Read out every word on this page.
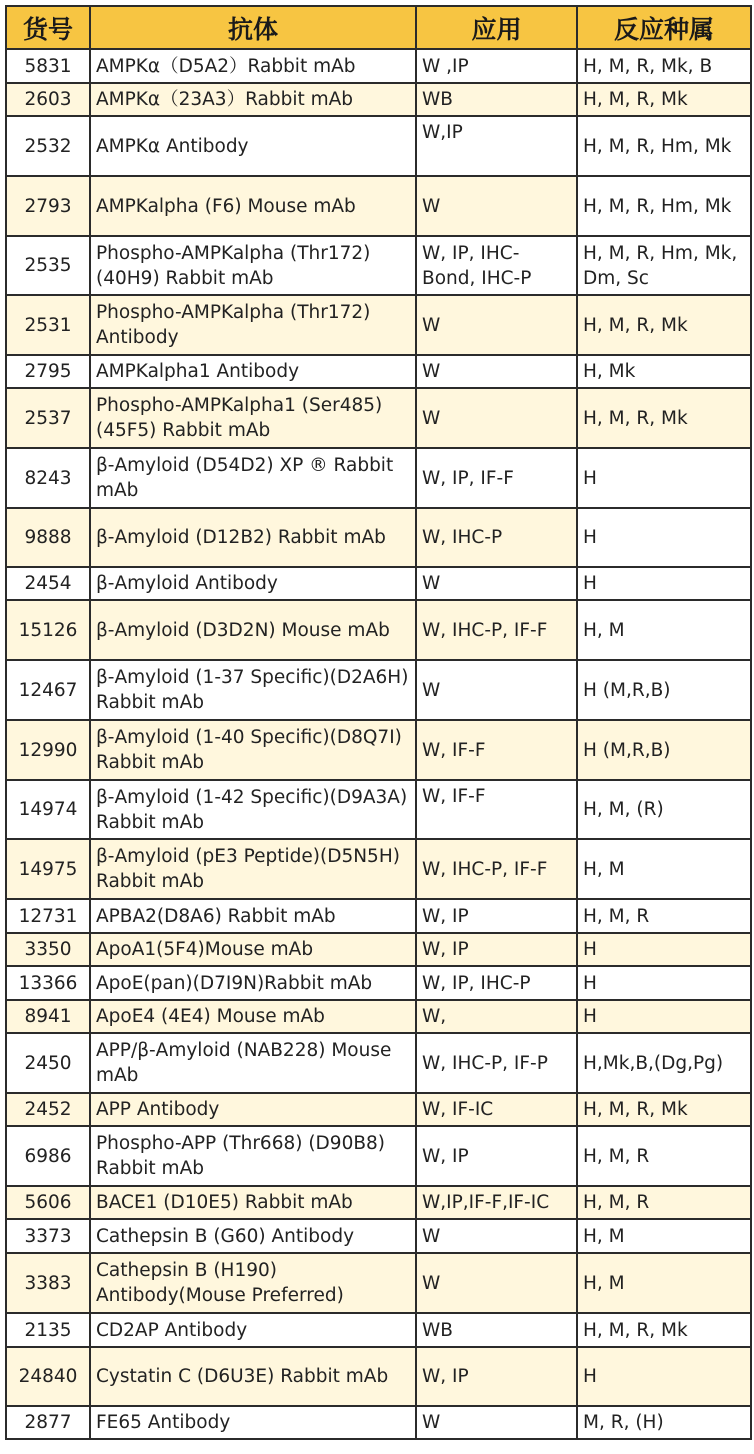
货号	抗体	应用	反应种属
5831	AMPKα（D5A2）Rabbit mAb	W ,IP	H, M, R, Mk, B
2603	AMPKα（23A3）Rabbit mAb	WB	H, M, R, Mk
2532	AMPKα Antibody	W,IP	H, M, R, Hm, Mk
2793	AMPKalpha (F6) Mouse mAb	W	H, M, R, Hm, Mk
2535	Phospho-AMPKalpha (Thr172) (40H9) Rabbit mAb	W, IP, IHC-Bond, IHC-P	H, M, R, Hm, Mk, Dm, Sc
2531	Phospho-AMPKalpha (Thr172) Antibody	W	H, M, R, Mk
2795	AMPKalpha1 Antibody	W	H, Mk
2537	Phospho-AMPKalpha1 (Ser485) (45F5) Rabbit mAb	W	H, M, R, Mk
8243	β-Amyloid (D54D2) XP ® Rabbit mAb	W, IP, IF-F	H
9888	β-Amyloid (D12B2) Rabbit mAb	W, IHC-P	H
2454	β-Amyloid Antibody	W	H
15126	β-Amyloid (D3D2N) Mouse mAb	W, IHC-P, IF-F	H, M
12467	β-Amyloid (1-37 Specific)(D2A6H) Rabbit mAb	W	H (M,R,B)
12990	β-Amyloid (1-40 Specific)(D8Q7I) Rabbit mAb	W, IF-F	H (M,R,B)
14974	β-Amyloid (1-42 Specific)(D9A3A) Rabbit mAb	W, IF-F	H, M, (R)
14975	β-Amyloid (pE3 Peptide)(D5N5H) Rabbit mAb	W, IHC-P, IF-F	H, M
12731	APBA2(D8A6) Rabbit mAb	W, IP	H, M, R
3350	ApoA1(5F4)Mouse mAb	W, IP	H
13366	ApoE(pan)(D7I9N)Rabbit mAb	W, IP, IHC-P	H
8941	ApoE4 (4E4) Mouse mAb	W,	H
2450	APP/β-Amyloid (NAB228) Mouse mAb	W, IHC-P, IF-P	H,Mk,B,(Dg,Pg)
2452	APP Antibody	W, IF-IC	H, M, R, Mk
6986	Phospho-APP (Thr668) (D90B8) Rabbit mAb	W, IP	H, M, R
5606	BACE1 (D10E5) Rabbit mAb	W,IP,IF-F,IF-IC	H, M, R
3373	Cathepsin B (G60) Antibody	W	H, M
3383	Cathepsin B (H190) Antibody(Mouse Preferred)	W	H, M
2135	CD2AP Antibody	WB	H, M, R, Mk
24840	Cystatin C (D6U3E) Rabbit mAb	W, IP	H
2877	FE65 Antibody	W	M, R, (H)
